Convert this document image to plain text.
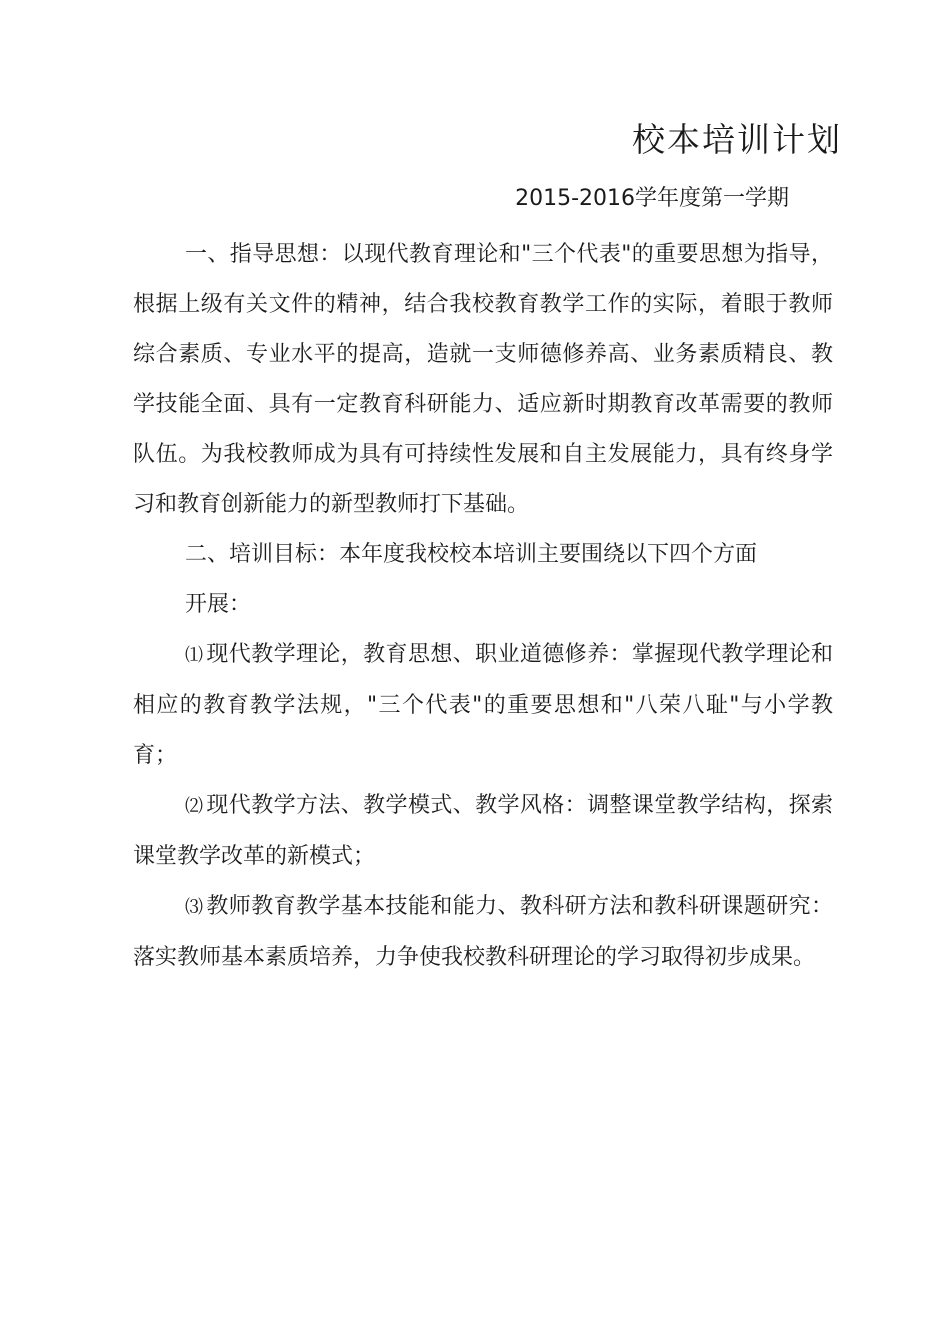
校本培训计划

2015-2016学年度第一学期

一、指导思想：以现代教育理论和"三个代表"的重要思想为指导，根据上级有关文件的精神，结合我校教育教学工作的实际，着眼于教师综合素质、专业水平的提高，造就一支师德修养高、业务素质精良、教学技能全面、具有一定教育科研能力、适应新时期教育改革需要的教师队伍。为我校教师成为具有可持续性发展和自主发展能力，具有终身学习和教育创新能力的新型教师打下基础。

二、培训目标：本年度我校校本培训主要围绕以下四个方面

开展：

⑴ 现代教学理论，教育思想、职业道德修养：掌握现代教学理论和相应的教育教学法规，"三个代表"的重要思想和"八荣八耻"与小学教育；

⑵ 现代教学方法、教学模式、教学风格：调整课堂教学结构，探索课堂教学改革的新模式；

⑶ 教师教育教学基本技能和能力、教科研方法和教科研课题研究：落实教师基本素质培养，力争使我校教科研理论的学习取得初步成果。
